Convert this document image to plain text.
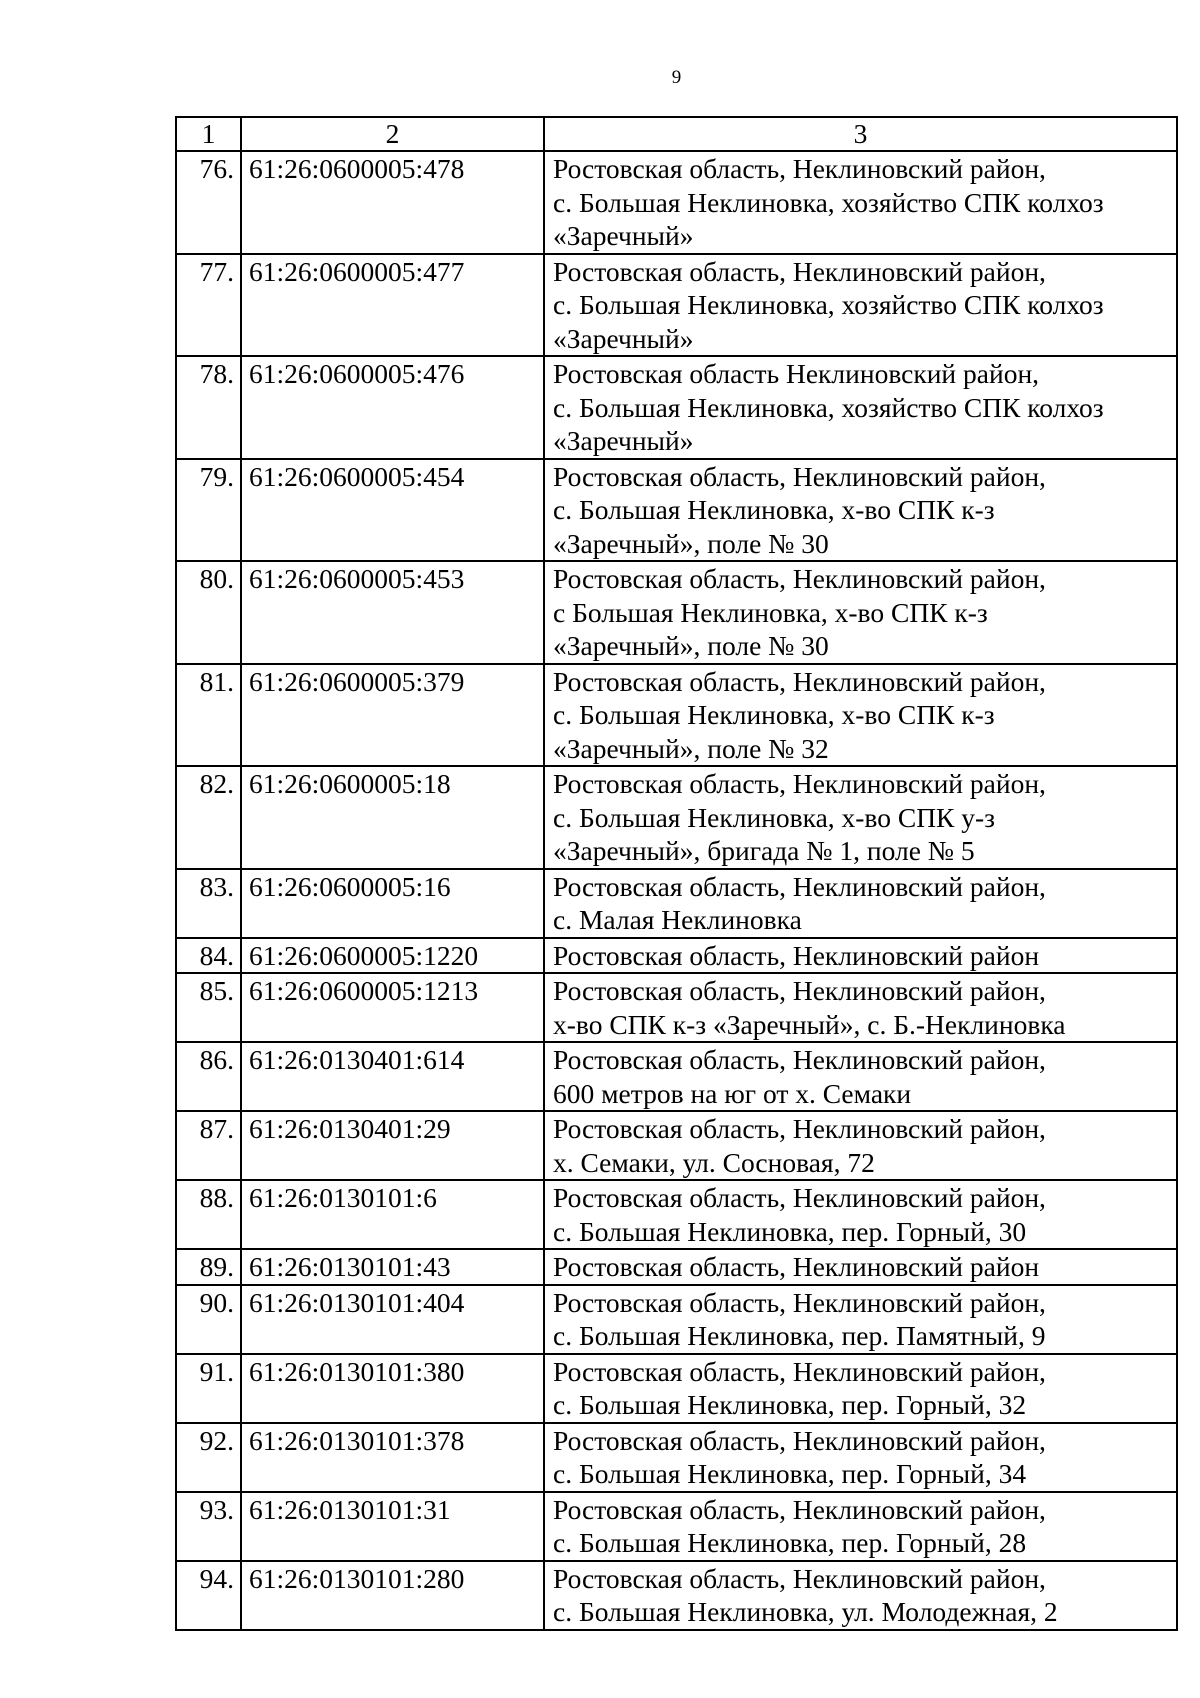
9
1	2	3
76.	61:26:0600005:478	Ростовская область, Неклиновский район,
с. Большая Неклиновка, хозяйство СПК колхоз
«Заречный»

77.	61:26:0600005:477	Ростовская область, Неклиновский район,
с. Большая Неклиновка, хозяйство СПК колхоз
«Заречный»

78.	61:26:0600005:476	Ростовская область Неклиновский район,
с. Большая Неклиновка, хозяйство СПК колхоз
«Заречный»

79.	61:26:0600005:454	Ростовская область, Неклиновский район,
с. Большая Неклиновка, х-во СПК к-з
«Заречный», поле № 30

80.	61:26:0600005:453	Ростовская область, Неклиновский район,
с Большая Неклиновка, х-во СПК к-з
«Заречный», поле № 30

81.	61:26:0600005:379	Ростовская область, Неклиновский район,
с. Большая Неклиновка, х-во СПК к-з
«Заречный», поле № 32

82.	61:26:0600005:18	Ростовская область, Неклиновский район,
с. Большая Неклиновка, х-во СПК у-з
«Заречный», бригада № 1, поле № 5

83.	61:26:0600005:16	Ростовская область, Неклиновский район,
с. Малая Неклиновка

84.	61:26:0600005:1220	Ростовская область, Неклиновский район

85.	61:26:0600005:1213	Ростовская область, Неклиновский район,
х-во СПК к-з «Заречный», с. Б.-Неклиновка

86.	61:26:0130401:614	Ростовская область, Неклиновский район,
600 метров на юг от х. Семаки

87.	61:26:0130401:29	Ростовская область, Неклиновский район,
х. Семаки, ул. Сосновая, 72

88.	61:26:0130101:6	Ростовская область, Неклиновский район,
с. Большая Неклиновка, пер. Горный, 30

89.	61:26:0130101:43	Ростовская область, Неклиновский район

90.	61:26:0130101:404	Ростовская область, Неклиновский район,
с. Большая Неклиновка, пер. Памятный, 9

91.	61:26:0130101:380	Ростовская область, Неклиновский район,
с. Большая Неклиновка, пер. Горный, 32

92.	61:26:0130101:378	Ростовская область, Неклиновский район,
с. Большая Неклиновка, пер. Горный, 34

93.	61:26:0130101:31	Ростовская область, Неклиновский район,
с. Большая Неклиновка, пер. Горный, 28

94.	61:26:0130101:280	Ростовская область, Неклиновский район,
с. Большая Неклиновка, ул. Молодежная, 2
